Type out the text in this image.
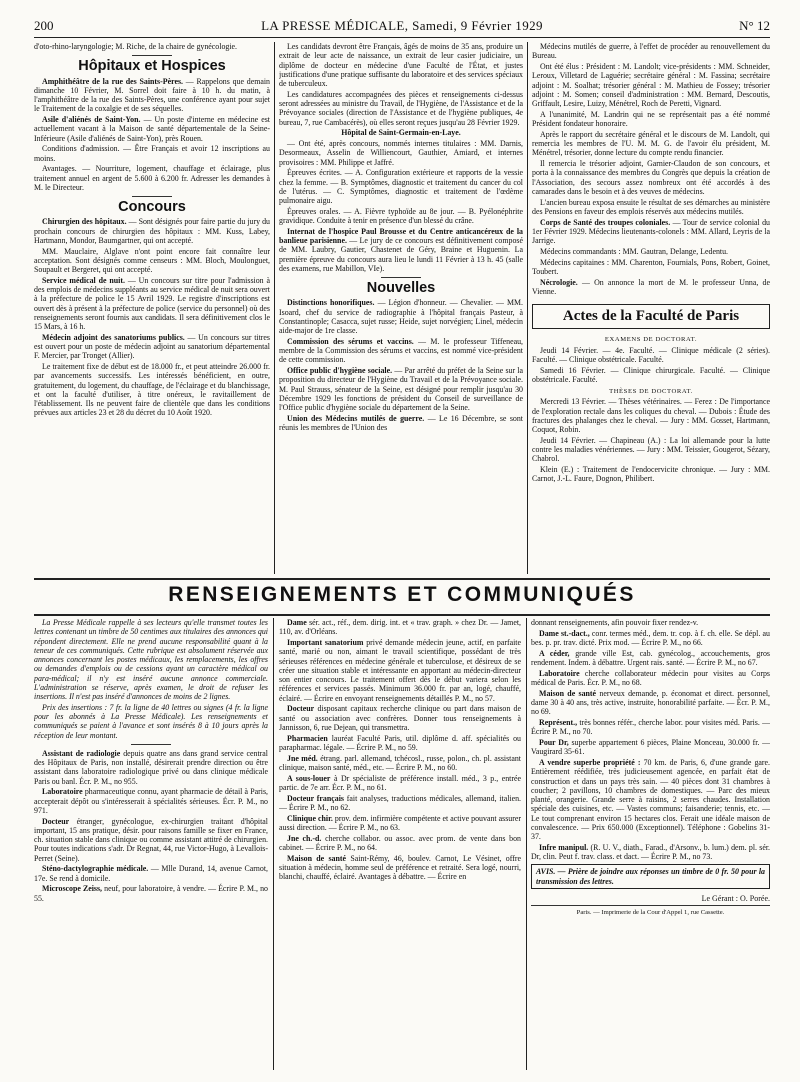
200	LA PRESSE MÉDICALE, Samedi, 9 Février 1929	N° 12

d'oto-rhino-laryngologie; M. Riche, de la chaire de gynécologie.

Hôpitaux et Hospices

Amphithéâtre de la rue des Saints-Pères. — Rappelons que demain dimanche 10 Février, M. Sorrel doit faire à 10 h. du matin, à l'amphithéâtre de la rue des Saints-Pères, une conférence ayant pour sujet le Traitement de la coxalgie et de ses séquelles.

Asile d'aliénés de Saint-Yon. — Un poste d'interne en médecine est actuellement vacant à la Maison de santé départementale de la Seine-Inférieure (Asile d'aliénés de Saint-Yon), près Rouen.

Conditions d'admission. — Être Français et avoir 12 inscriptions au moins.

Avantages. — Nourriture, logement, chauffage et éclairage, plus traitement annuel en argent de 5.600 à 6.200 fr. Adresser les demandes à M. le Directeur.

Concours

Chirurgien des hôpitaux. — Sont désignés pour faire partie du jury du prochain concours de chirurgien des hôpitaux : MM. Kuss, Labey, Hartmann, Mondor, Baumgartner, qui ont accepté.

MM. Mauclaire, Alglave n'ont point encore fait connaître leur acceptation. Sont désignés comme censeurs : MM. Bloch, Moulonguet, Soupault et Bergeret, qui ont accepté.

Service médical de nuit. — Un concours sur titre pour l'admission à des emplois de médecins suppléants au service médical de nuit sera ouvert à la préfecture de police le 15 Avril 1929. Le registre d'inscriptions est ouvert dès à présent à la préfecture de police (service du personnel) où des renseignements seront fournis aux candidats. Il sera définitivement clos le 15 Mars, à 16 h.

Médecin adjoint des sanatoriums publics. — Un concours sur titres est ouvert pour un poste de médecin adjoint au sanatorium départemental F. Mercier, par Tronget (Allier).

Le traitement fixe de début est de 18.000 fr., et peut atteindre 26.000 fr. par avancements successifs. Les intéressés bénéficient, en outre, gratuitement, du logement, du chauffage, de l'éclairage et du blanchissage, et ont la faculté d'utiliser, à titre onéreux, le ravitaillement de l'établissement. Ils ne peuvent faire de clientèle que dans les conditions prévues aux articles 23 et 28 du décret du 10 Août 1920.

Les candidats devront être Français, âgés de moins de 35 ans, produire un extrait de leur acte de naissance, un extrait de leur casier judiciaire, un diplôme de docteur en médecine d'une Faculté de l'État, et justes justifications d'une pratique suffisante du laboratoire et des services spéciaux de tuberculeux.

Les candidatures accompagnées des pièces et renseignements ci-dessus seront adressées au ministre du Travail, de l'Hygiène, de l'Assistance et de la Prévoyance sociales (direction de l'Assistance et de l'hygiène publiques, 4e bureau, 7, rue Cambacérès), où elles seront reçues jusqu'au 28 Février 1929.

Hôpital de Saint-Germain-en-Laye.

— Ont été, après concours, nommés internes titulaires : MM. Darnis, Desormeaux, Asselin de Williencourt, Gauthier, Amiard, et internes provisoires : MM. Philippe et Jaffré.

Épreuves écrites. — A. Configuration extérieure et rapports de la vessie chez la femme. — B. Symptômes, diagnostic et traitement du cancer du col de l'utérus. — C. Symptômes, diagnostic et traitement de l'œdème pulmonaire aigu.

Épreuves orales. — A. Fièvre typhoïde au 8e jour. — B. Pyélonéphrite gravidique. Conduite à tenir en présence d'un blessé du crâne.

Internat de l'hospice Paul Brousse et du Centre anticancéreux de la banlieue parisienne. — Le jury de ce concours est définitivement composé de MM. Laubry, Gautier, Chastenet de Géry, Braine et Huguenin. La première épreuve du concours aura lieu le lundi 11 Février à 13 h. 45 (salle des examens, rue Mabillon, VIe).

Nouvelles

Distinctions honorifiques. — Légion d'honneur. — Chevalier. — MM. Isoard, chef du service de radiographie à l'hôpital français Pasteur, à Constantinople; Casacca, sujet russe; Heide, sujet norvégien; Linel, médecin aide-major de 1re classe.

Commission des sérums et vaccins. — M. le professeur Tiffeneau, membre de la Commission des sérums et vaccins, est nommé vice-président de cette commission.

Office public d'hygiène sociale. — Par arrêté du préfet de la Seine sur la proposition du directeur de l'Hygiène du Travail et de la Prévoyance sociale. M. Paul Strauss, sénateur de la Seine, est désigné pour remplir jusqu'au 30 Décembre 1929 les fonctions de président du Conseil de surveillance de l'Office public d'hygiène sociale du département de la Seine.

Union des Médecins mutilés de guerre. — Le 16 Décembre, se sont réunis les membres de l'Union des

Médecins mutilés de guerre, à l'effet de procéder au renouvellement du Bureau.

Ont été élus : Président : M. Landolt; vice-présidents : MM. Schneider, Leroux, Villetard de Laguérie; secrétaire général : M. Fassina; secrétaire adjoint : M. Soalhat; trésorier général : M. Mathieu de Fossey; trésorier adjoint : M. Somen; conseil d'administration : MM. Bernard, Descoutis, Griffault, Lesire, Luizy, Ménétrel, Roch de Peretti, Vignard.

A l'unanimité, M. Landrin qui ne se représentait pas a été nommé Président fondateur honoraire.

Après le rapport du secrétaire général et le discours de M. Landolt, qui remercia les membres de l'U. M. M. G. de l'avoir élu président, M. Ménétrel, trésorier, donne lecture du compte rendu financier.

Il remercia le trésorier adjoint, Garnier-Claudon de son concours, et porta à la connaissance des membres du Congrès que depuis la création de l'Association, des secours assez nombreux ont été accordés à des camarades dans le besoin et à des veuves de médecins.

L'ancien bureau exposa ensuite le résultat de ses démarches au ministère des Pensions en faveur des emplois réservés aux médecins mutilés.

Corps de Santé des troupes coloniales. — Tour de service colonial du 1er Février 1929. Médecins lieutenants-colonels : MM. Allard, Leyris de la Jarrige.

Médecins commandants : MM. Gautran, Delange, Ledentu.

Médecins capitaines : MM. Charenton, Fournials, Pons, Robert, Goinet, Toubert.

Nécrologie. — On annonce la mort de M. le professeur Unna, de Vienne.

Actes de la Faculté de Paris
EXAMENS DE DOCTORAT.

Jeudi 14 Février. — 4e. Faculté. — Clinique médicale (2 séries). Faculté. — Clinique obstétricale. Faculté.

Samedi 16 Février. — Clinique chirurgicale. Faculté. — Clinique obstétricale. Faculté.

THÈSES DE DOCTORAT.

Mercredi 13 Février. — Thèses vétérinaires. — Ferez : De l'importance de l'exploration rectale dans les coliques du cheval. — Dubois : Étude des fractures des phalanges chez le cheval. — Jury : MM. Gosset, Hartmann, Coquot, Robin.

Jeudi 14 Février. — Chapineau (A.) : La loi allemande pour la lutte contre les maladies vénériennes. — Jury : MM. Teissier, Gougerot, Sézary, Chabrol.

Klein (E.) : Traitement de l'endocervicite chronique. — Jury : MM. Carnot, J.-L. Faure, Dognon, Philibert.

RENSEIGNEMENTS ET COMMUNIQUÉS

La Presse Médicale rappelle à ses lecteurs qu'elle transmet toutes les lettres contenant un timbre de 50 centimes aux titulaires des annonces qui répondent directement. Elle ne prend aucune responsabilité quant à la teneur de ces communiqués. Cette rubrique est absolument réservée aux annonces concernant les postes médicaux, les remplacements, les offres ou demandes d'emplois ou de cessions ayant un caractère médical ou para-médical; il n'y est inséré aucune annonce commerciale. L'administration se réserve, après examen, le droit de refuser les insertions. Il n'est pas inséré d'annonces de moins de 2 lignes.

Prix des insertions : 7 fr. la ligne de 40 lettres ou signes (4 fr. la ligne pour les abonnés à La Presse Médicale). Les renseignements et communiqués se paient à l'avance et sont insérés 8 à 10 jours après la réception de leur montant.

Assistant de radiologie depuis quatre ans dans grand service central des Hôpitaux de Paris, non installé, désirerait prendre direction ou être assistant dans laboratoire radiologique privé ou dans clinique médicale Paris ou banl. Écr. P. M., no 955.

Laboratoire pharmaceutique connu, ayant pharmacie de détail à Paris, accepterait dépôt ou s'intéresserait à spécialités sérieuses. Écr. P. M., no 971.

Docteur étranger, gynécologue, ex-chirurgien traitant d'hôpital important, 15 ans pratique, désir. pour raisons famille se fixer en France, ch. situation stable dans clinique ou comme assistant attitré de chirurgien. Pour toutes indications s'adr. Dr Regnat, 44, rue Victor-Hugo, à Levallois-Perret (Seine).

Sténo-dactylographie médicale. — Mlle Durand, 14, avenue Carnot, 17e. Se rend à domicile.

Microscope Zeiss, neuf, pour laboratoire, à vendre. — Écrire P. M., no 55.

Dame sér. act., réf., dem. dirig. int. et « trav. graph. » chez Dr. — Jamet, 110, av. d'Orléans.

Important sanatorium privé demande médecin jeune, actif, en parfaite santé, marié ou non, aimant le travail scientifique, possédant de très sérieuses références en médecine générale et tuberculose, et désireux de se créer une situation stable et intéressante en apportant au médecin-directeur son entier concours. Le traitement offert dès le début variera selon les références et services passés. Minimum 36.000 fr. par an, logé, chauffé, éclairé. — Écrire en envoyant renseignements détaillés P. M., no 57.

Docteur disposant capitaux recherche clinique ou part dans maison de santé ou association avec confrères. Donner tous renseignements à Jannisson, 6, rue Dejean, qui transmettra.

Pharmacien lauréat Faculté Paris, util. diplôme d. aff. spécialités ou parapharmac. légale. — Écrire P. M., no 59.

Jne méd. étrang. parl. allemand, tchécosl., russe, polon., ch. pl. assistant clinique, maison santé, méd., etc. — Écrire P. M., no 60.

A sous-louer à Dr spécialiste de préférence install. méd., 3 p., entrée partic. de 7e arr. Écr. P. M., no 61.

Docteur français fait analyses, traductions médicales, allemand, italien. — Écrire P. M., no 62.

Clinique chir. prov. dem. infirmière compétente et active pouvant assurer aussi direction. — Écrire P. M., no 63.

Jne ch.-d. cherche collabor. ou assoc. avec prom. de vente dans bon cabinet. — Écrire P. M., no 64.

Maison de santé Saint-Rémy, 46, boulev. Carnot, Le Vésinet, offre situation à médecin, homme seul de préférence et retraité. Sera logé, nourri, blanchi, chauffé, éclairé. Avantages à débattre. — Écrire en

donnant renseignements, afin pouvoir fixer rendez-v.

Dame st.-dact., conr. termes méd., dem. tr. cop. à f. ch. elle. Se dépl. au bes. p. pr. trav. dicté. Prix mod. — Écrire P. M., no 66.

A céder, grande ville Est, cab. gynécolog., accouchements, gros rendement. Indem. à débattre. Urgent rais. santé. — Écrire P. M., no 67.

Laboratoire cherche collaborateur médecin pour visites au Corps médical de Paris. Écr. P. M., no 68.

Maison de santé nerveux demande, p. économat et direct. personnel, dame 30 à 40 ans, très active, instruite, honorabilité parfaite. — Écr. P. M., no 69.

Représent., très bonnes référ., cherche labor. pour visites méd. Paris. — Écrire P. M., no 70.

Pour Dr, superbe appartement 6 pièces, Plaine Monceau, 30.000 fr. — Vaugirard 35-61.

A vendre superbe propriété : 70 km. de Paris, 6, d'une grande gare. Entièrement réédifiée, très judicieusement agencée, en parfait état de construction et dans un pays très sain. — 40 pièces dont 31 chambres à coucher; 2 pavillons, 10 chambres de domestiques. — Parc des mieux planté, orangerie. Grande serre à raisins, 2 serres chaudes. Installation spéciale des cuisines, etc. — Vastes communs; faisanderie; tennis, etc. — Le tout comprenant environ 15 hectares clos. Ferait une idéale maison de convalescence. — Prix 650.000 (Exceptionnel). Téléphone : Gobelins 31-37.

Infre manipul. (R. U. V., diath., Farad., d'Arsonv., b. lum.) dem. pl. sér. Dr, clin. Peut f. trav. class. et dact. — Écrire P. M., no 73.

AVIS. — Prière de joindre aux réponses un timbre de 0 fr. 50 pour la transmission des lettres.
Le Gérant : O. Porée.
Paris. — Imprimerie de la Cour d'Appel 1, rue Cassette.
